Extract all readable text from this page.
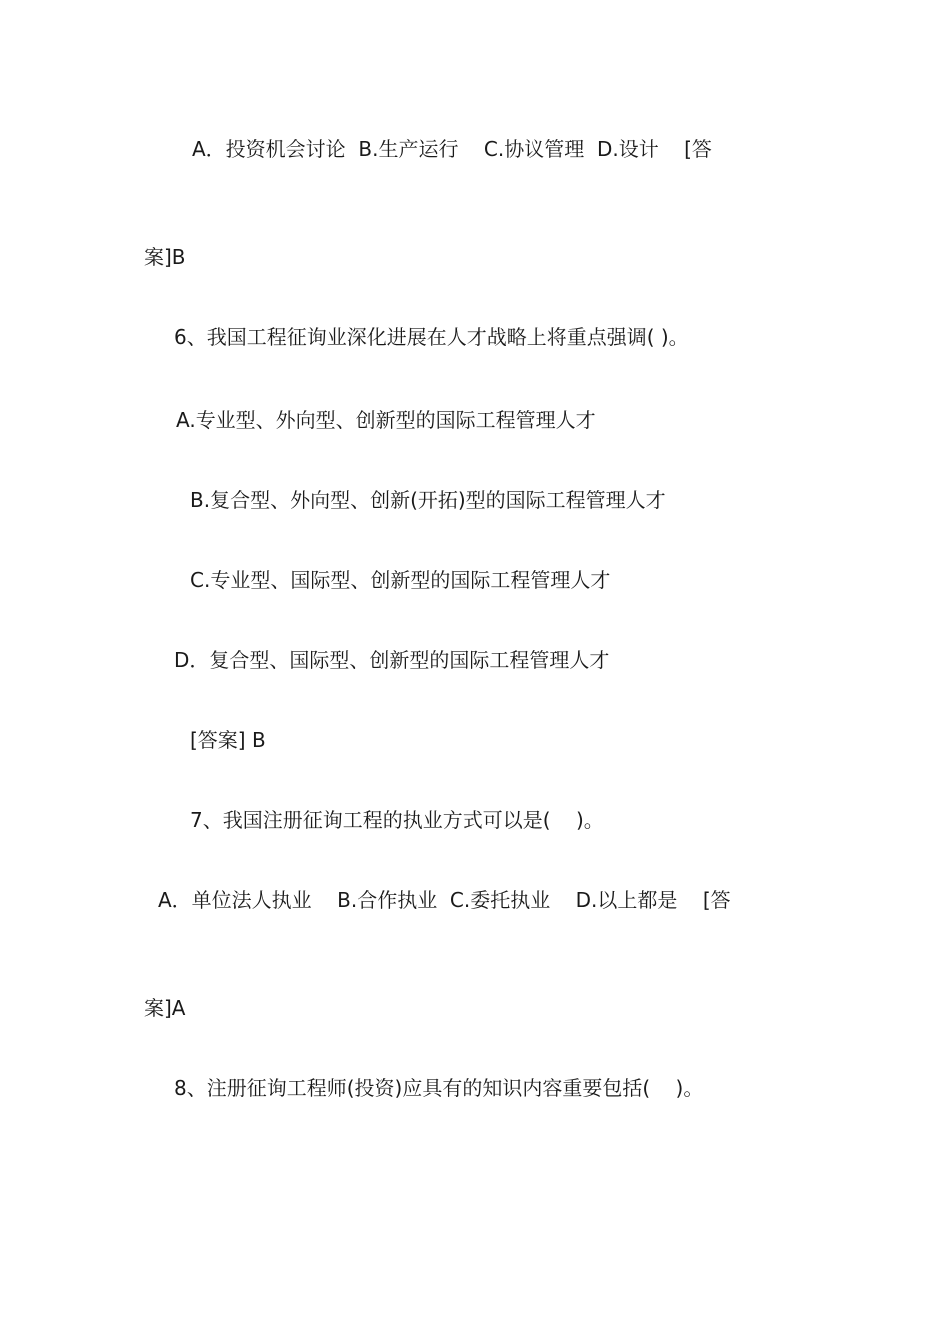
A．投资机会讨论  B.生产运行    C.协议管理  D.设计    [答
案]B
6、我国工程征询业深化进展在人才战略上将重点强调( )。
A.专业型、外向型、创新型的国际工程管理人才
B.复合型、外向型、创新(开拓)型的国际工程管理人才
C.专业型、国际型、创新型的国际工程管理人才
D．复合型、国际型、创新型的国际工程管理人才
[答案] B
7、我国注册征询工程的执业方式可以是(    )。
A．单位法人执业    B.合作执业  C.委托执业    D.以上都是    [答
案]A
8、注册征询工程师(投资)应具有的知识内容重要包括(    )。
